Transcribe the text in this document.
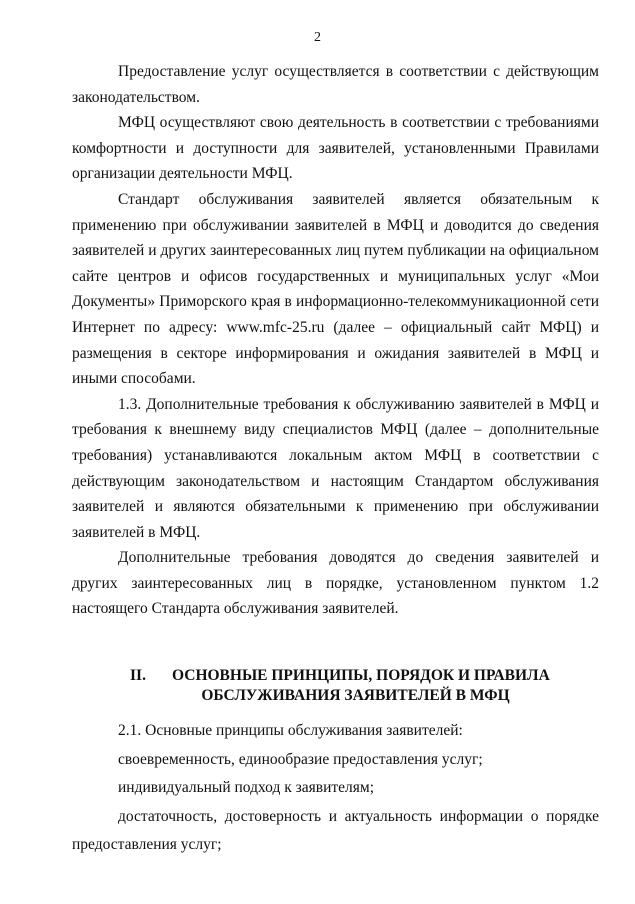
2

Предоставление услуг осуществляется в соответствии с действующим законодательством.

МФЦ осуществляют свою деятельность в соответствии с требованиями комфортности и доступности для заявителей, установленными Правилами организации деятельности МФЦ.

Стандарт обслуживания заявителей является обязательным к применению при обслуживании заявителей в МФЦ и доводится до сведения заявителей и других заинтересованных лиц путем публикации на официальном сайте центров и офисов государственных и муниципальных услуг «Мои Документы» Приморского края в информационно-телекоммуникационной сети Интернет по адресу: www.mfc-25.ru (далее – официальный сайт МФЦ) и размещения в секторе информирования и ожидания заявителей в МФЦ и иными способами.

1.3. Дополнительные требования к обслуживанию заявителей в МФЦ и требования к внешнему виду специалистов МФЦ (далее – дополнительные требования) устанавливаются локальным актом МФЦ в соответствии с действующим законодательством и настоящим Стандартом обслуживания заявителей и являются обязательными к применению при обслуживании заявителей в МФЦ.

Дополнительные требования доводятся до сведения заявителей и других заинтересованных лиц в порядке, установленном пунктом 1.2 настоящего Стандарта обслуживания заявителей.

II.	ОСНОВНЫЕ ПРИНЦИПЫ, ПОРЯДОК И ПРАВИЛА
ОБСЛУЖИВАНИЯ ЗАЯВИТЕЛЕЙ В МФЦ

2.1. Основные принципы обслуживания заявителей:

своевременность, единообразие предоставления услуг;

индивидуальный подход к заявителям;

достаточность, достоверность и актуальность информации о порядке предоставления услуг;
